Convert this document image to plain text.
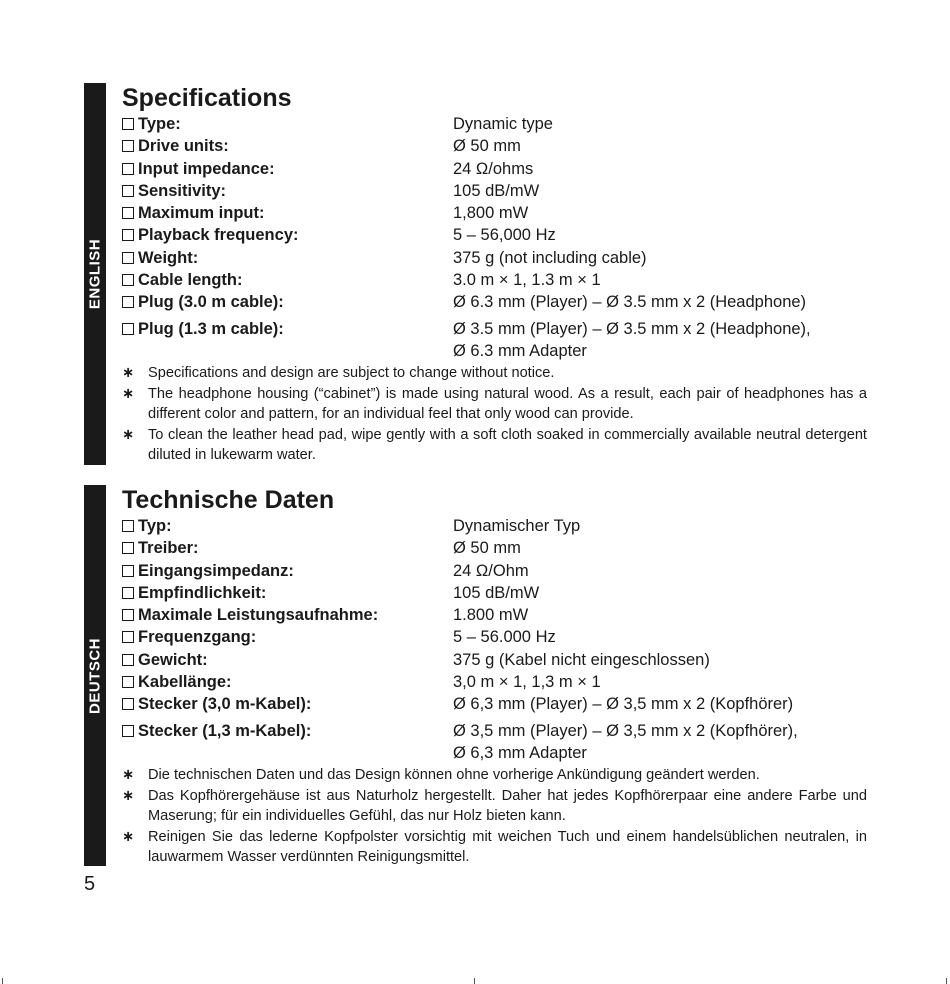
ENGLISH
Specifications
Type:	Dynamic type
Drive units:	Ø 50 mm
Input impedance:	24 Ω/ohms
Sensitivity:	105 dB/mW
Maximum input:	1,800 mW
Playback frequency:	5 – 56,000 Hz
Weight:	375 g (not including cable)
Cable length:	3.0 m × 1, 1.3 m × 1
Plug (3.0 m cable):	Ø 6.3 mm (Player) – Ø 3.5 mm x 2 (Headphone)
Plug (1.3 m cable):	Ø 3.5 mm (Player) – Ø 3.5 mm x 2 (Headphone),
Ø 6.3 mm Adapter
∗ Specifications and design are subject to change without notice.
∗ The headphone housing (“cabinet”) is made using natural wood. As a result, each pair of headphones has a different color and pattern, for an individual feel that only wood can provide.
∗ To clean the leather head pad, wipe gently with a soft cloth soaked in commercially available neutral detergent diluted in lukewarm water.
DEUTSCH
Technische Daten
Typ:	Dynamischer Typ
Treiber:	Ø 50 mm
Eingangsimpedanz:	24 Ω/Ohm
Empfindlichkeit:	105 dB/mW
Maximale Leistungsaufnahme:	1.800 mW
Frequenzgang:	5 – 56.000 Hz
Gewicht:	375 g (Kabel nicht eingeschlossen)
Kabellänge:	3,0 m × 1, 1,3 m × 1
Stecker (3,0 m-Kabel):	Ø 6,3 mm (Player) – Ø 3,5 mm x 2 (Kopfhörer)
Stecker (1,3 m-Kabel):	Ø 3,5 mm (Player) – Ø 3,5 mm x 2 (Kopfhörer),
Ø 6,3 mm Adapter
∗ Die technischen Daten und das Design können ohne vorherige Ankündigung geändert werden.
∗ Das Kopfhörergehäuse ist aus Naturholz hergestellt. Daher hat jedes Kopfhörerpaar eine andere Farbe und Maserung; für ein individuelles Gefühl, das nur Holz bieten kann.
∗ Reinigen Sie das lederne Kopfpolster vorsichtig mit weichen Tuch und einem handelsüblichen neutralen, in lauwarmem Wasser verdünnten Reinigungsmittel.
5
